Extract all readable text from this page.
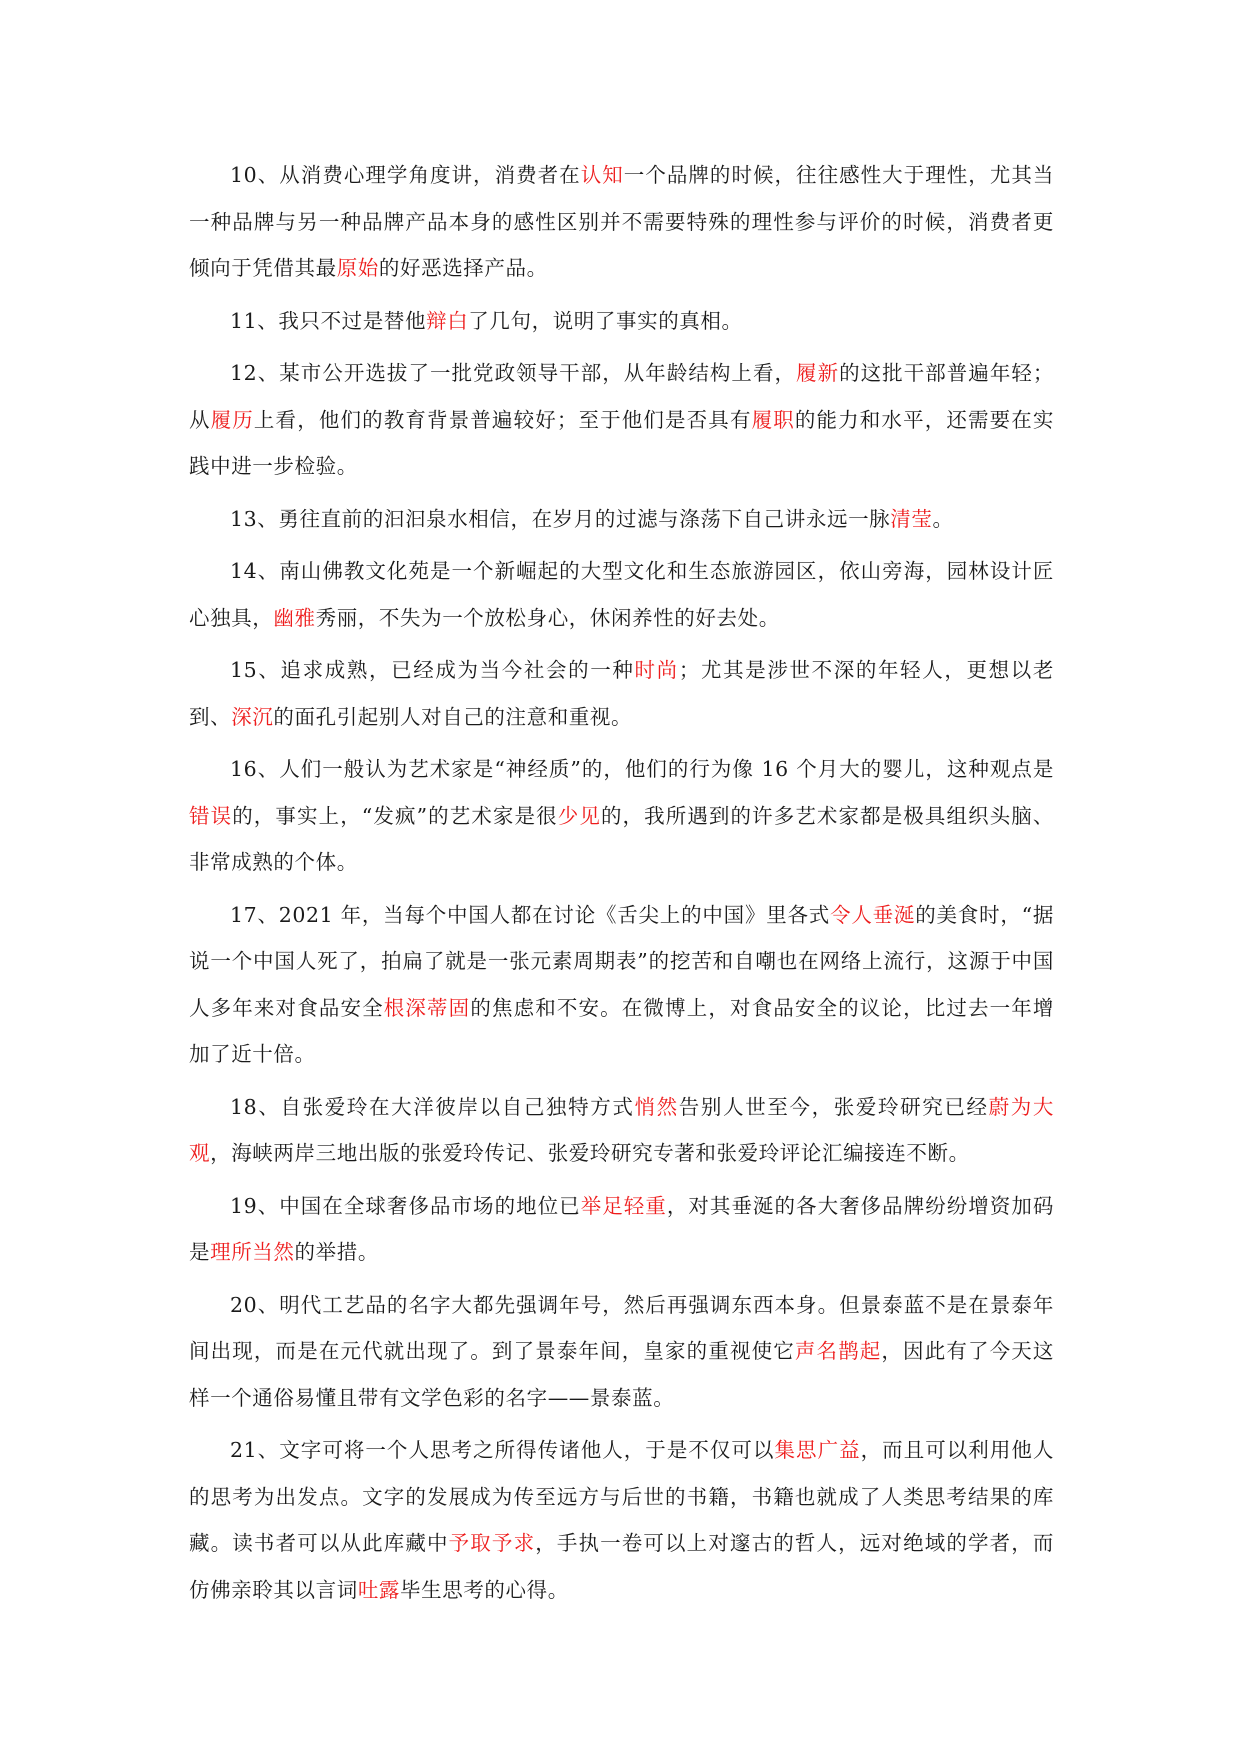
10、从消费心理学角度讲，消费者在认知一个品牌的时候，往往感性大于理性，尤其当一种品牌与另一种品牌产品本身的感性区别并不需要特殊的理性参与评价的时候，消费者更倾向于凭借其最原始的好恶选择产品。

11、我只不过是替他辩白了几句，说明了事实的真相。

12、某市公开选拔了一批党政领导干部，从年龄结构上看，履新的这批干部普遍年轻；从履历上看，他们的教育背景普遍较好；至于他们是否具有履职的能力和水平，还需要在实践中进一步检验。

13、勇往直前的汩汩泉水相信，在岁月的过滤与涤荡下自己讲永远一脉清莹。

14、南山佛教文化苑是一个新崛起的大型文化和生态旅游园区，依山旁海，园林设计匠心独具，幽雅秀丽，不失为一个放松身心，休闲养性的好去处。

15、追求成熟，已经成为当今社会的一种时尚；尤其是涉世不深的年轻人，更想以老到、深沉的面孔引起别人对自己的注意和重视。

16、人们一般认为艺术家是“神经质”的，他们的行为像 16 个月大的婴儿，这种观点是错误的，事实上，“发疯”的艺术家是很少见的，我所遇到的许多艺术家都是极具组织头脑、非常成熟的个体。

17、2021 年，当每个中国人都在讨论《舌尖上的中国》里各式令人垂涎的美食时，“据说一个中国人死了，拍扁了就是一张元素周期表”的挖苦和自嘲也在网络上流行，这源于中国人多年来对食品安全根深蒂固的焦虑和不安。在微博上，对食品安全的议论，比过去一年增加了近十倍。

18、自张爱玲在大洋彼岸以自己独特方式悄然告别人世至今，张爱玲研究已经蔚为大观，海峡两岸三地出版的张爱玲传记、张爱玲研究专著和张爱玲评论汇编接连不断。

19、中国在全球奢侈品市场的地位已举足轻重，对其垂涎的各大奢侈品牌纷纷增资加码是理所当然的举措。

20、明代工艺品的名字大都先强调年号，然后再强调东西本身。但景泰蓝不是在景泰年间出现，而是在元代就出现了。到了景泰年间，皇家的重视使它声名鹊起，因此有了今天这样一个通俗易懂且带有文学色彩的名字——景泰蓝。

21、文字可将一个人思考之所得传诸他人，于是不仅可以集思广益，而且可以利用他人的思考为出发点。文字的发展成为传至远方与后世的书籍，书籍也就成了人类思考结果的库藏。读书者可以从此库藏中予取予求，手执一卷可以上对邃古的哲人，远对绝域的学者，而仿佛亲聆其以言词吐露毕生思考的心得。
